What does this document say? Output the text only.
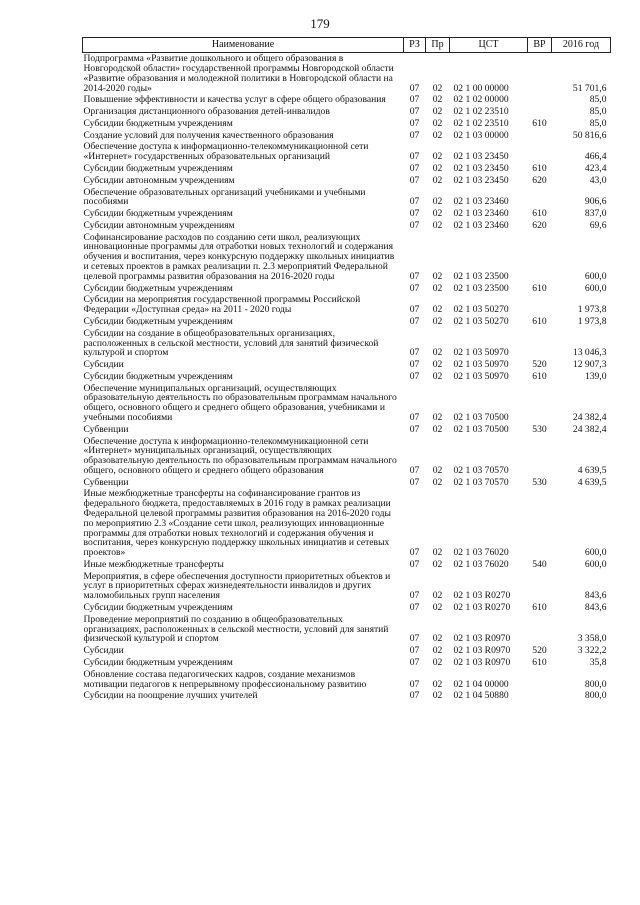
179
Наименование	РЗ	Пр	ЦСТ	ВР	2016 год
Подпрограмма «Развитие дошкольного и общего образования в Новгородской области» государственной программы Новгородской области «Развитие образования и молодежной политики в Новгородской области на 2014-2020 годы»	07	02	02 1 00 00000		51 701,6
Повышение эффективности и качества услуг в сфере общего образования	07	02	02 1 02 00000		85,0
Организация дистанционного образования детей-инвалидов	07	02	02 1 02 23510		85,0
Субсидии бюджетным учреждениям	07	02	02 1 02 23510	610	85,0
Создание условий для получения качественного образования	07	02	02 1 03 00000		50 816,6
Обеспечение доступа к информационно-телекоммуникационной сети «Интернет» государственных образовательных организаций	07	02	02 1 03 23450		466,4
Субсидии бюджетным учреждениям	07	02	02 1 03 23450	610	423,4
Субсидии автономным учреждениям	07	02	02 1 03 23450	620	43,0
Обеспечение образовательных организаций учебниками и учебными пособиями	07	02	02 1 03 23460		906,6
Субсидии бюджетным учреждениям	07	02	02 1 03 23460	610	837,0
Субсидии автономным учреждениям	07	02	02 1 03 23460	620	69,6
Софинансирование расходов по созданию сети школ, реализующих инновационные программы для отработки новых технологий и содержания обучения и воспитания, через конкурсную поддержку школьных инициатив и сетевых проектов в рамках реализации п. 2.3 мероприятий Федеральной целевой программы развития образования на 2016-2020 годы	07	02	02 1 03 23500		600,0
Субсидии бюджетным учреждениям	07	02	02 1 03 23500	610	600,0
Субсидии на мероприятия государственной программы Российской Федерации «Доступная среда» на 2011 - 2020 годы	07	02	02 1 03 50270		1 973,8
Субсидии бюджетным учреждениям	07	02	02 1 03 50270	610	1 973,8
Субсидии на создание в общеобразовательных организациях, расположенных в сельской местности, условий для занятий физической культурой и спортом	07	02	02 1 03 50970		13 046,3
Субсидии	07	02	02 1 03 50970	520	12 907,3
Субсидии бюджетным учреждениям	07	02	02 1 03 50970	610	139,0
Обеспечение муниципальных организаций, осуществляющих образовательную деятельность по образовательным программам начального общего, основного общего и среднего общего образования, учебниками и учебными пособиями	07	02	02 1 03 70500		24 382,4
Субвенции	07	02	02 1 03 70500	530	24 382,4
Обеспечение доступа к информационно-телекоммуникационной сети «Интернет» муниципальных организаций, осуществляющих образовательную деятельность по образовательным программам начального общего, основного общего и среднего общего образования	07	02	02 1 03 70570		4 639,5
Субвенции	07	02	02 1 03 70570	530	4 639,5
Иные межбюджетные трансферты на софинансирование грантов из федерального бюджета, предоставляемых в 2016 году в рамках реализации Федеральной целевой программы развития образования на 2016-2020 годы по мероприятию 2.3 «Создание сети школ, реализующих инновационные программы для отработки новых технологий и содержания обучения и воспитания, через конкурсную поддержку школьных инициатив и сетевых проектов»	07	02	02 1 03 76020		600,0
Иные межбюджетные трансферты	07	02	02 1 03 76020	540	600,0
Мероприятия, в сфере обеспечения доступности приоритетных объектов и услуг в приоритетных сферах жизнедеятельности инвалидов и других маломобильных групп населения	07	02	02 1 03 R0270		843,6
Субсидии бюджетным учреждениям	07	02	02 1 03 R0270	610	843,6
Проведение мероприятий по созданию в общеобразовательных организациях, расположенных в сельской местности, условий для занятий физической культурой и спортом	07	02	02 1 03 R0970		3 358,0
Субсидии	07	02	02 1 03 R0970	520	3 322,2
Субсидии бюджетным учреждениям	07	02	02 1 03 R0970	610	35,8
Обновление состава педагогических кадров, создание механизмов мотивации педагогов к непрерывному профессиональному развитию	07	02	02 1 04 00000		800,0
Субсидии на поощрение лучших учителей	07	02	02 1 04 50880		800,0
